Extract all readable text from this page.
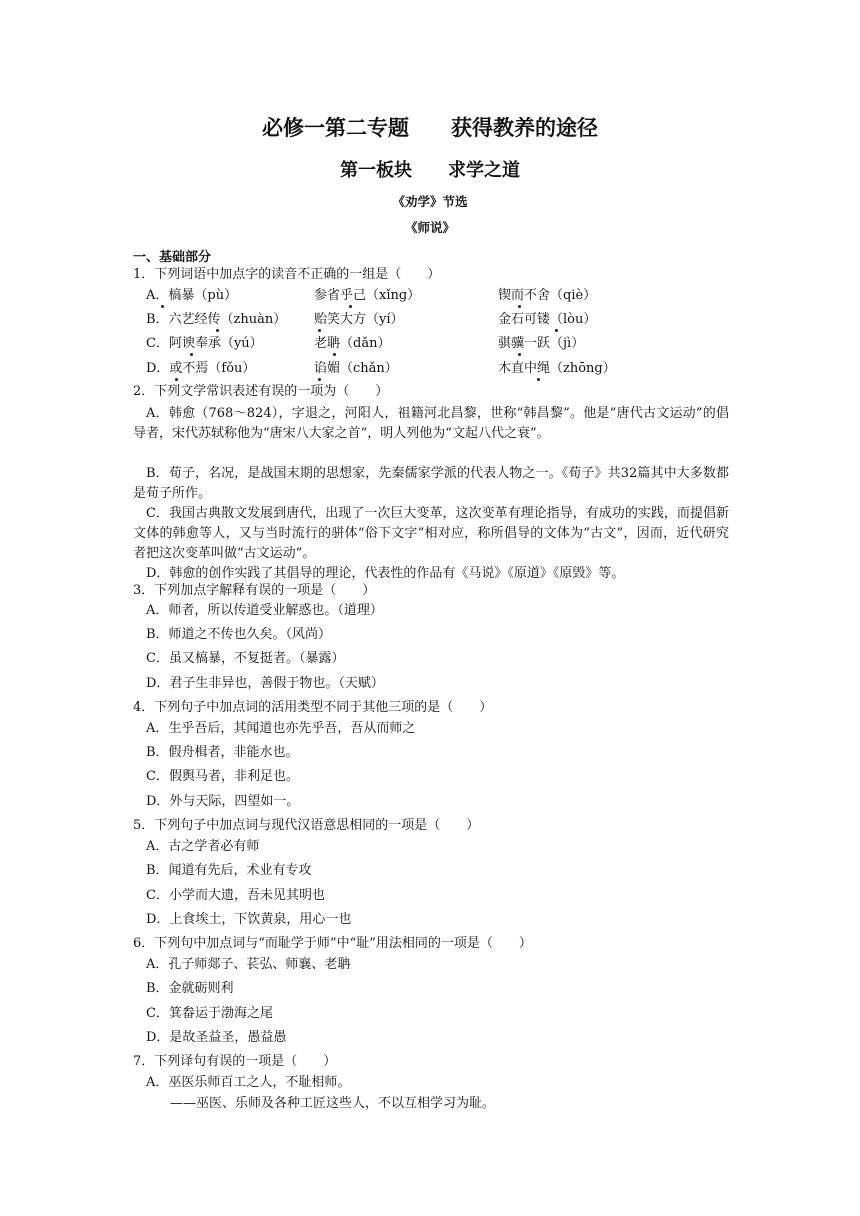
必修一第二专题　　获得教养的途径
第一板块　　求学之道
《劝学》节选
《师说》
一、基础部分
1．下列词语中加点字的读音不正确的一组是（　　）
A．槁暴（pù）	参省乎己（xǐng）	锲而不舍（qiè）
B．六艺经传（zhuàn） 贻笑大方（yí）	金石可镂（lòu）
C．阿谀奉承（yú）	老聃（dǎn）	骐骥一跃（jì）
D．或不焉（fǒu）	谄媚（chǎn）	木直中绳（zhōng）
2．下列文学常识表述有误的一项为（　　）
A．韩愈（768～824），字退之，河阳人，祖籍河北昌黎，世称“韩昌黎”。他是“唐代古文运动”的倡导者，宋代苏轼称他为“唐宋八大家之首”，明人列他为“文起八代之衰”。
B．荀子，名况，是战国末期的思想家，先秦儒家学派的代表人物之一。《荀子》共32篇其中大多数都是荀子所作。
C．我国古典散文发展到唐代，出现了一次巨大变革，这次变革有理论指导，有成功的实践，而提倡新文体的韩愈等人，又与当时流行的骈体“俗下文字”相对应，称所倡导的文体为“古文”，因而，近代研究者把这次变革叫做“古文运动”。
D．韩愈的创作实践了其倡导的理论，代表性的作品有《马说》《原道》《原毁》等。
3．下列加点字解释有误的一项是（　　）
A．师者，所以传道受业解惑也。（道理）
B．师道之不传也久矣。（风尚）
C．虽又槁暴，不复挺者。（暴露）
D．君子生非异也，善假于物也。（天赋）
4．下列句子中加点词的活用类型不同于其他三项的是（　　）
A．生乎吾后，其闻道也亦先乎吾，吾从而师之
B．假舟楫者，非能水也。
C．假舆马者，非利足也。
D．外与天际，四望如一。
5．下列句子中加点词与现代汉语意思相同的一项是（　　）
A．古之学者必有师
B．闻道有先后，术业有专攻
C．小学而大遗，吾未见其明也
D．上食埃土，下饮黄泉，用心一也
6．下列句中加点词与“而耻学于师”中“耻”用法相同的一项是（　　）
A．孔子师郯子、苌弘、师襄、老聃
B．金就砺则利
C．箕畚运于渤海之尾
D．是故圣益圣，愚益愚
7．下列译句有误的一项是（　　）
A．巫医乐师百工之人，不耻相师。
——巫医、乐师及各种工匠这些人，不以互相学习为耻。
